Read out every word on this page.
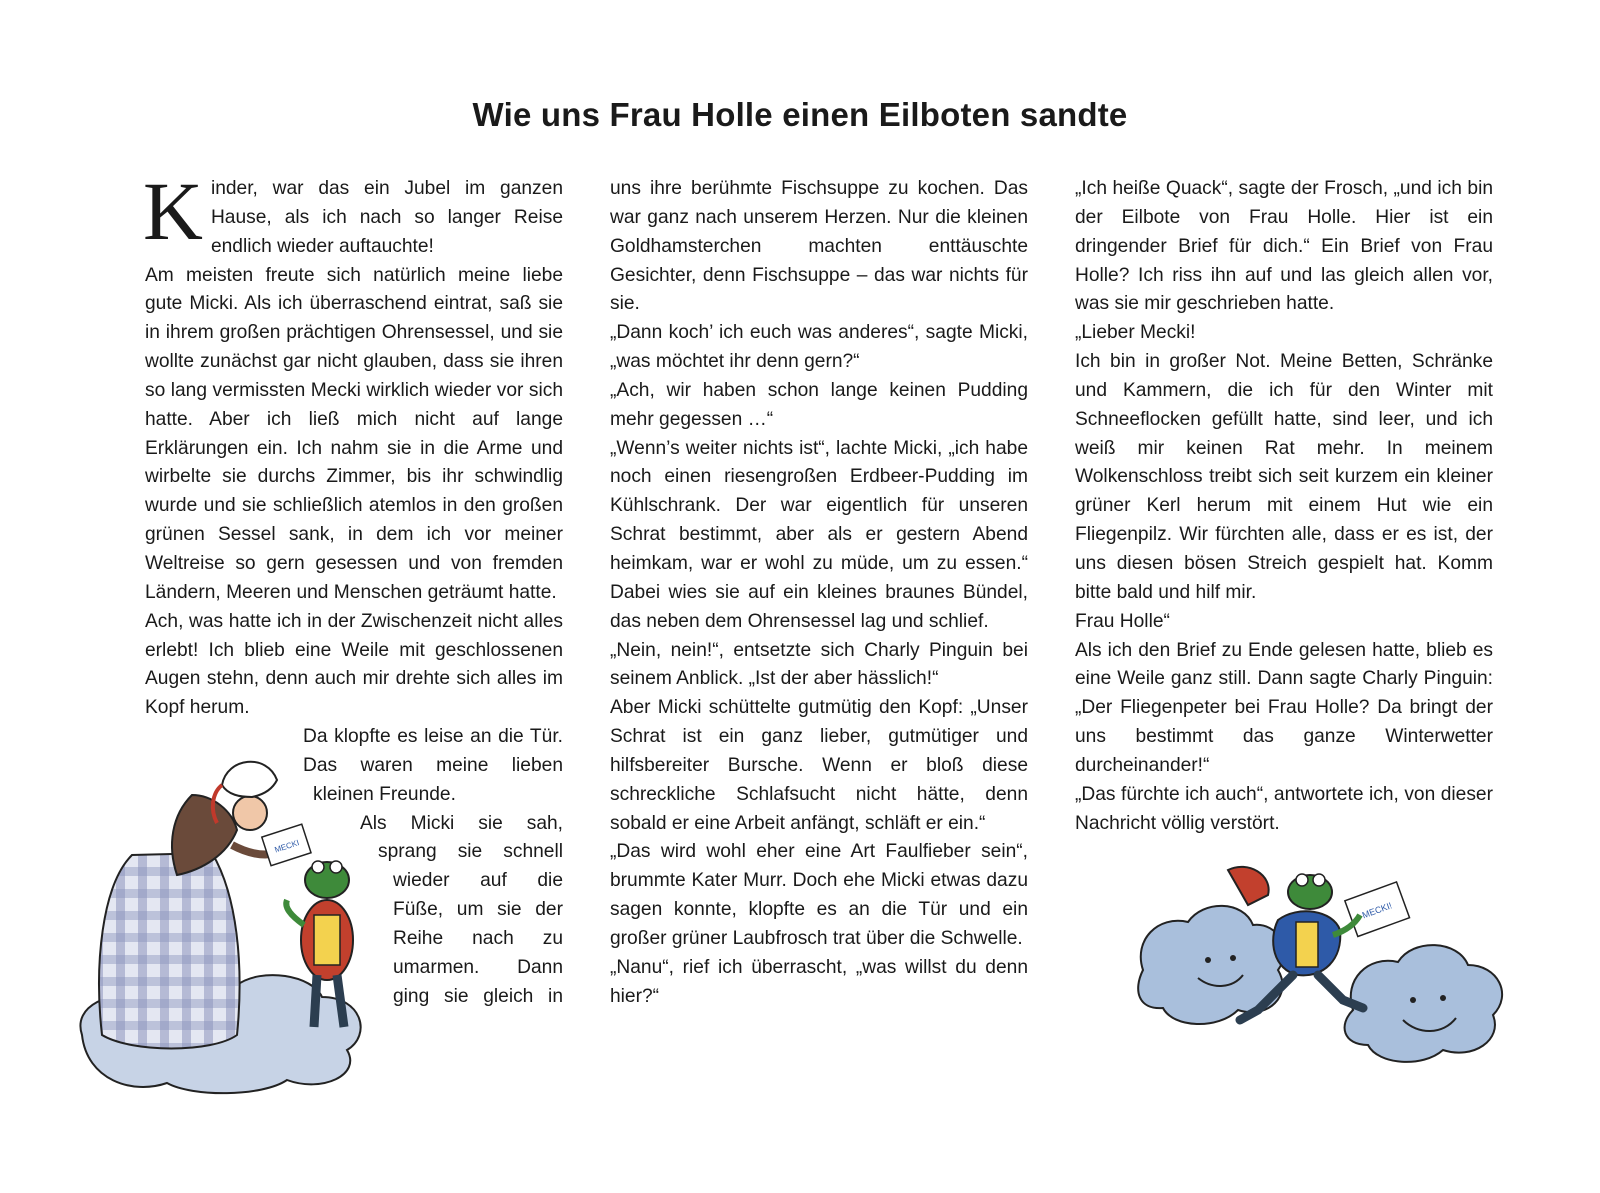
Wie uns Frau Holle einen Eilboten sandte

Kinder, war das ein Jubel im ganzen Hause, als ich nach so langer Reise endlich wieder auftauchte!

Am meisten freute sich natürlich meine liebe gute Micki. Als ich überraschend eintrat, saß sie in ihrem großen prächtigen Ohrensessel, und sie wollte zunächst gar nicht glauben, dass sie ihren so lang vermissten Mecki wirklich wieder vor sich hatte. Aber ich ließ mich nicht auf lange Erklärungen ein. Ich nahm sie in die Arme und wirbelte sie durchs Zimmer, bis ihr schwindlig wurde und sie schließlich atemlos in den großen grünen Sessel sank, in dem ich vor meiner Weltreise so gern gesessen und von fremden Ländern, Meeren und Menschen geträumt hatte.

Ach, was hatte ich in der Zwischenzeit nicht alles erlebt! Ich blieb eine Weile mit geschlossenen Augen stehn, denn auch mir drehte sich alles im Kopf herum.

Da klopfte es leise an die Tür. Das waren meine lieben kleinen Freunde.

Als Micki sie sah, sprang sie schnell wieder auf die Füße, um sie der Reihe nach zu umarmen. Dann ging sie gleich in

uns ihre berühmte Fischsuppe zu kochen. Das war ganz nach unserem Herzen. Nur die kleinen Goldhamsterchen machten enttäuschte Gesichter, denn Fischsuppe – das war nichts für sie.

„Dann koch’ ich euch was anderes“, sagte Micki, „was möchtet ihr denn gern?“

„Ach, wir haben schon lange keinen Pudding mehr gegessen …“

„Wenn’s weiter nichts ist“, lachte Micki, „ich habe noch einen riesengroßen Erdbeer-Pudding im Kühlschrank. Der war eigentlich für unseren Schrat bestimmt, aber als er gestern Abend heimkam, war er wohl zu müde, um zu essen.“ Dabei wies sie auf ein kleines braunes Bündel, das neben dem Ohrensessel lag und schlief.

„Nein, nein!“, entsetzte sich Charly Pinguin bei seinem Anblick. „Ist der aber hässlich!“

Aber Micki schüttelte gutmütig den Kopf: „Unser Schrat ist ein ganz lieber, gutmütiger und hilfsbereiter Bursche. Wenn er bloß diese schreckliche Schlafsucht nicht hätte, denn sobald er eine Arbeit anfängt, schläft er ein.“

„Das wird wohl eher eine Art Faulfieber sein“, brummte Kater Murr. Doch ehe Micki etwas dazu sagen konnte, klopfte es an die Tür und ein großer grüner Laubfrosch trat über die Schwelle.

„Nanu“, rief ich überrascht, „was willst du denn hier?“

„Ich heiße Quack“, sagte der Frosch, „und ich bin der Eilbote von Frau Holle. Hier ist ein dringender Brief für dich.“ Ein Brief von Frau Holle? Ich riss ihn auf und las gleich allen vor, was sie mir geschrieben hatte.

„Lieber Mecki!

Ich bin in großer Not. Meine Betten, Schränke und Kammern, die ich für den Winter mit Schneeflocken gefüllt hatte, sind leer, und ich weiß mir keinen Rat mehr. In meinem Wolkenschloss treibt sich seit kurzem ein kleiner grüner Kerl herum mit einem Hut wie ein Fliegenpilz. Wir fürchten alle, dass er es ist, der uns diesen bösen Streich gespielt hat. Komm bitte bald und hilf mir.

Frau Holle“

Als ich den Brief zu Ende gelesen hatte, blieb es eine Weile ganz still. Dann sagte Charly Pinguin: „Der Fliegenpeter bei Frau Holle? Da bringt der uns bestimmt das ganze Winterwetter durcheinander!“

„Das fürchte ich auch“, antwortete ich, von dieser Nachricht völlig verstört.

MECKI
MECKI!
